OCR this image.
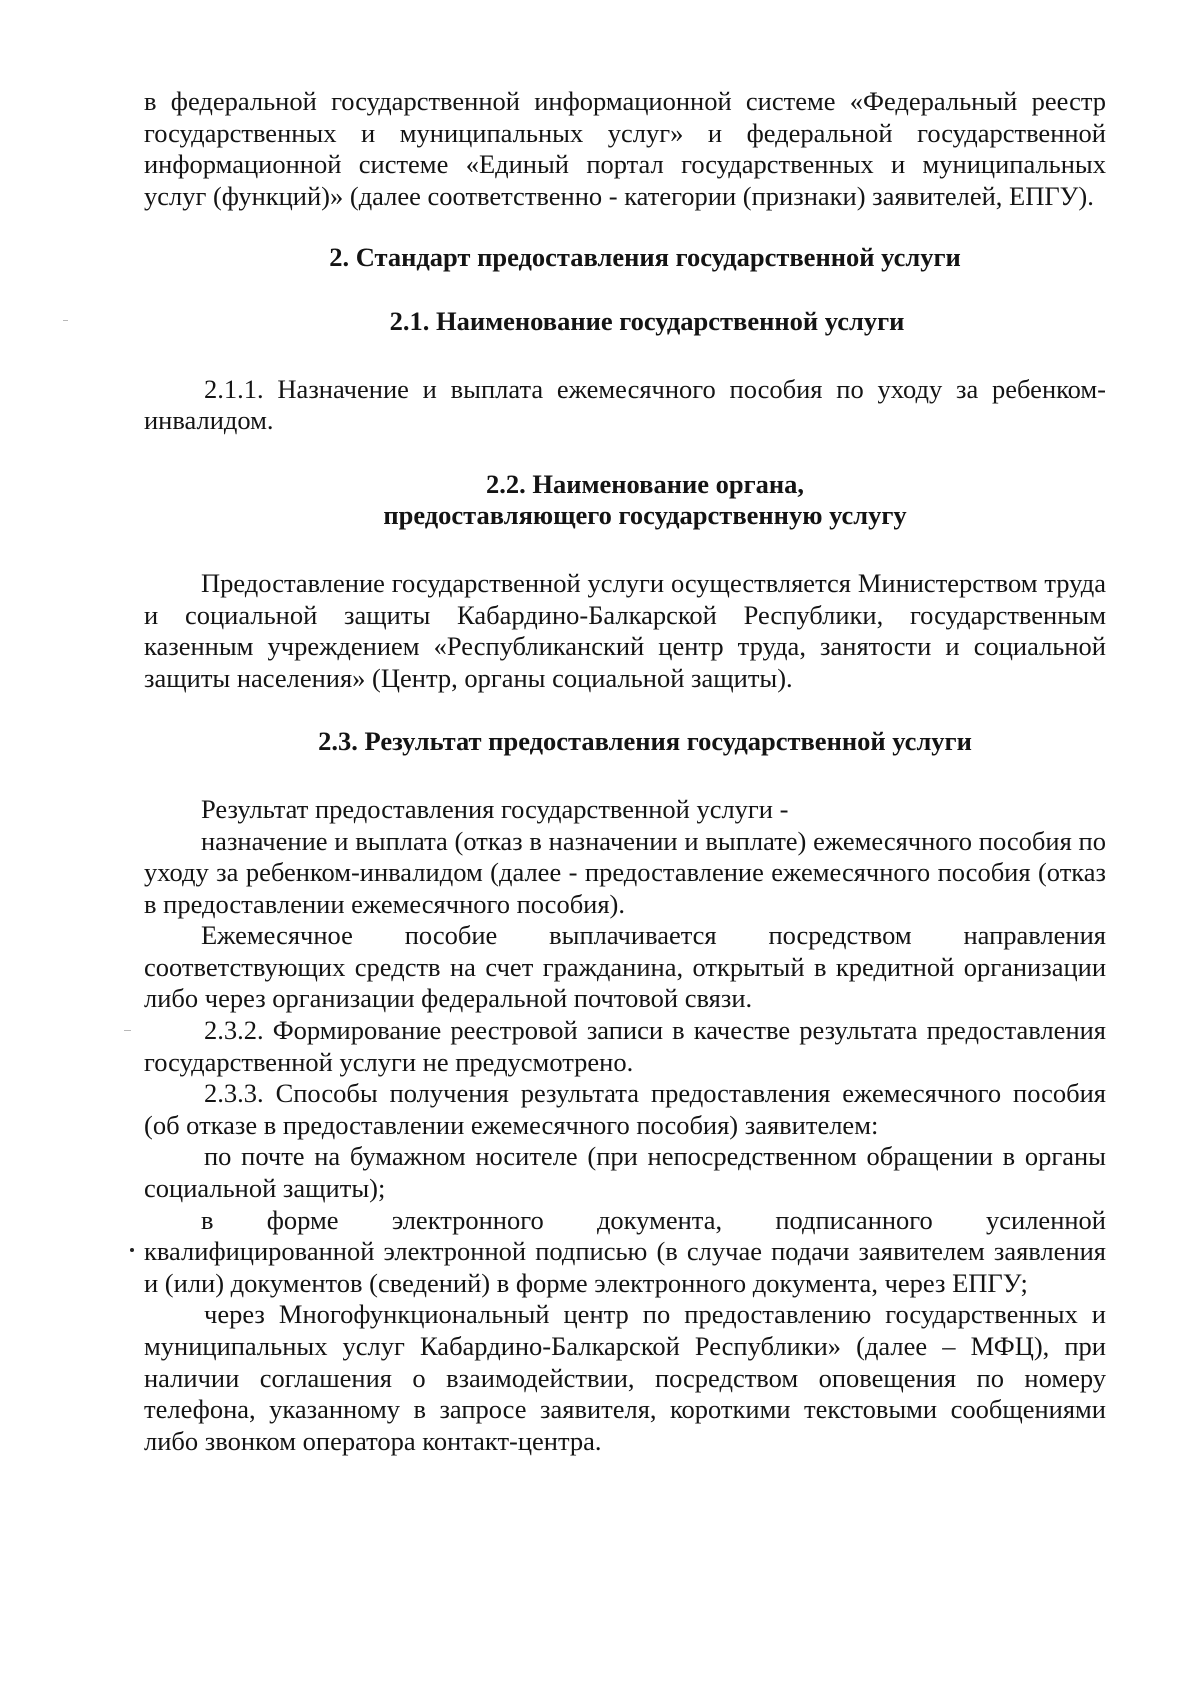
в федеральной государственной информационной системе «Федеральный реестр государственных и муниципальных услуг» и федеральной государственной информационной системе «Единый портал государственных и муниципальных услуг (функций)» (далее соответственно - категории (признаки) заявителей, ЕПГУ).

2. Стандарт предоставления государственной услуги
2.1. Наименование государственной услуги

2.1.1. Назначение и выплата ежемесячного пособия по уходу за ребенком-инвалидом.

2.2. Наименование органа,
предоставляющего государственную услугу

Предоставление государственной услуги осуществляется Министерством труда и социальной защиты Кабардино-Балкарской Республики, государственным казенным учреждением «Республиканский центр труда, занятости и социальной защиты населения» (Центр, органы социальной защиты).

2.3. Результат предоставления государственной услуги

Результат предоставления государственной услуги -

назначение и выплата (отказ в назначении и выплате) ежемесячного пособия по уходу за ребенком-инвалидом (далее - предоставление ежемесячного пособия (отказ в предоставлении ежемесячного пособия).

Ежемесячное пособие выплачивается посредством направления соответствующих средств на счет гражданина, открытый в кредитной организации либо через организации федеральной почтовой связи.

2.3.2. Формирование реестровой записи в качестве результата предоставления государственной услуги не предусмотрено.

2.3.3. Способы получения результата предоставления ежемесячного пособия (об отказе в предоставлении ежемесячного пособия) заявителем:

по почте на бумажном носителе (при непосредственном обращении в органы социальной защиты);

в форме электронного документа, подписанного усиленной квалифицированной электронной подписью (в случае подачи заявителем заявления и (или) документов (сведений) в форме электронного документа, через ЕПГУ;

через Многофункциональный центр по предоставлению государственных и муниципальных услуг Кабардино-Балкарской Республики» (далее – МФЦ), при наличии соглашения о взаимодействии, посредством оповещения по номеру телефона, указанному в запросе заявителя, короткими текстовыми сообщениями либо звонком оператора контакт-центра.
